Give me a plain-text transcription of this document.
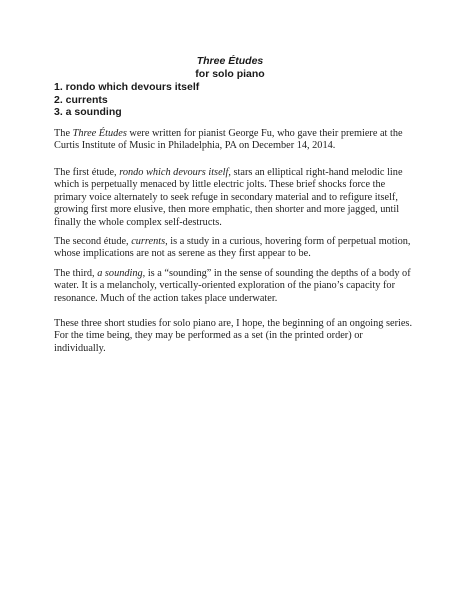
Three Études
for solo piano
1. rondo which devours itself
2. currents
3. a sounding

The Three Études were written for pianist George Fu, who gave their premiere at the Curtis Institute of Music in Philadelphia, PA on December 14, 2014.

The first étude, rondo which devours itself, stars an elliptical right-hand melodic line which is perpetually menaced by little electric jolts. These brief shocks force the primary voice alternately to seek refuge in secondary material and to refigure itself, growing first more elusive, then more emphatic, then shorter and more jagged, until finally the whole complex self-destructs.

The second étude, currents, is a study in a curious, hovering form of perpetual motion, whose implications are not as serene as they first appear to be.

The third, a sounding, is a “sounding” in the sense of sounding the depths of a body of water. It is a melancholy, vertically-oriented exploration of the piano’s capacity for resonance. Much of the action takes place underwater.

These three short studies for solo piano are, I hope, the beginning of an ongoing series. For the time being, they may be performed as a set (in the printed order) or individually.
